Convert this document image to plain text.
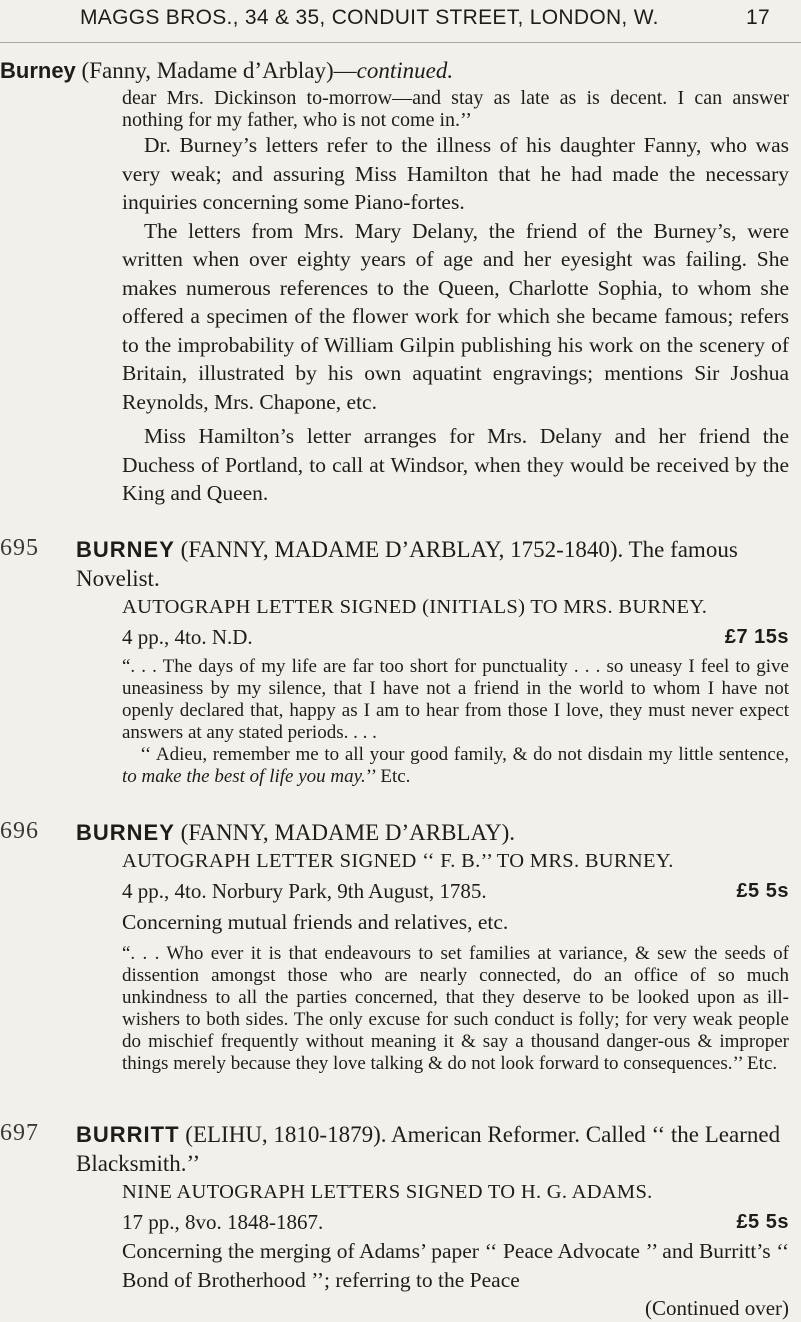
MAGGS BROS., 34 & 35, CONDUIT STREET, LONDON, W.	17
Burney (Fanny, Madame d’Arblay)—continued.

dear Mrs. Dickinson to-morrow—and stay as late as is decent. I can answer nothing for my father, who is not come in.’’

Dr. Burney’s letters refer to the illness of his daughter Fanny, who was very weak; and assuring Miss Hamilton that he had made the necessary inquiries concerning some Piano-fortes.

The letters from Mrs. Mary Delany, the friend of the Burney’s, were written when over eighty years of age and her eyesight was failing. She makes numerous references to the Queen, Charlotte Sophia, to whom she offered a specimen of the flower work for which she became famous; refers to the improbability of William Gilpin publishing his work on the scenery of Britain, illustrated by his own aquatint engravings; mentions Sir Joshua Reynolds, Mrs. Chapone, etc.

Miss Hamilton’s letter arranges for Mrs. Delany and her friend the Duchess of Portland, to call at Windsor, when they would be received by the King and Queen.

695 BURNEY (FANNY, MADAME D’ARBLAY, 1752-1840). The famous Novelist.

AUTOGRAPH LETTER SIGNED (INITIALS) TO MRS. BURNEY.

4 pp., 4to. N.D.	£7 15s

“. . . The days of my life are far too short for punctuality . . . so uneasy I feel to give uneasiness by my silence, that I have not a friend in the world to whom I have not openly declared that, happy as I am to hear from those I love, they must never expect answers at any stated periods. . . .

‘‘ Adieu, remember me to all your good family, & do not disdain my little sentence, to make the best of life you may.’’ Etc.

696 BURNEY (FANNY, MADAME D’ARBLAY).

AUTOGRAPH LETTER SIGNED ‘‘ F. B.’’ TO MRS. BURNEY.

4 pp., 4to. Norbury Park, 9th August, 1785.	£5 5s

Concerning mutual friends and relatives, etc.

“. . . Who ever it is that endeavours to set families at variance, & sew the seeds of dissention amongst those who are nearly connected, do an office of so much unkindness to all the parties concerned, that they deserve to be looked upon as ill-wishers to both sides. The only excuse for such conduct is folly; for very weak people do mischief frequently without meaning it & say a thousand danger-ous & improper things merely because they love talking & do not look forward to consequences.’’ Etc.

697 BURRITT (ELIHU, 1810-1879). American Reformer. Called ‘‘ the Learned Blacksmith.’’

NINE AUTOGRAPH LETTERS SIGNED TO H. G. ADAMS.

17 pp., 8vo. 1848-1867.	£5 5s

Concerning the merging of Adams’ paper ‘‘ Peace Advocate ’’ and Burritt’s ‘‘ Bond of Brotherhood ’’; referring to the Peace

(Continued over)
